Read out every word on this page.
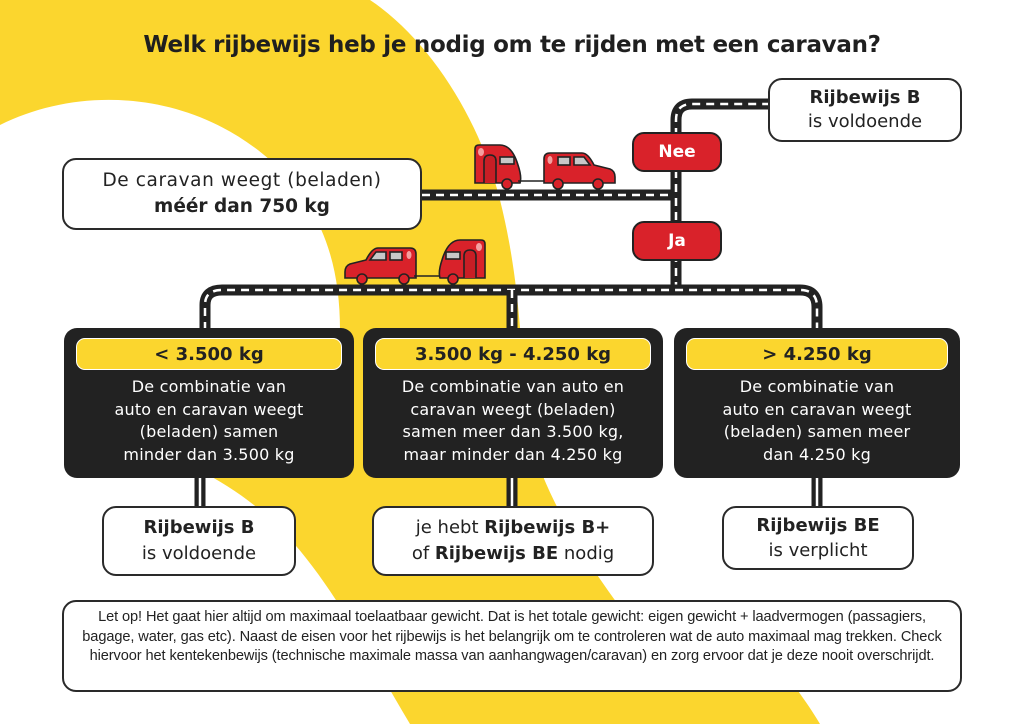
Welk rijbewijs heb je nodig om te rijden met een caravan?
De caravan weegt (beladen)
méér dan 750 kg
Rijbewijs B
is voldoende
Nee
Ja
< 3.500 kg
De combinatie van
auto en caravan weegt
(beladen) samen
minder dan 3.500 kg
3.500 kg - 4.250 kg
De combinatie van auto en
caravan weegt (beladen)
samen meer dan 3.500 kg,
maar minder dan 4.250 kg
> 4.250 kg
De combinatie van
auto en caravan weegt
(beladen) samen meer
dan 4.250 kg
Rijbewijs B
is voldoende
je hebt Rijbewijs B+
of Rijbewijs BE nodig
Rijbewijs BE
is verplicht
Let op! Het gaat hier altijd om maximaal toelaatbaar gewicht. Dat is het totale gewicht: eigen gewicht + laadvermogen (passagiers, bagage, water, gas etc). Naast de eisen voor het rijbewijs is het belangrijk om te controleren wat de auto maximaal mag trekken. Check hiervoor het kentekenbewijs (technische maximale massa van aanhangwagen/caravan) en zorg ervoor dat je deze nooit overschrijdt.
